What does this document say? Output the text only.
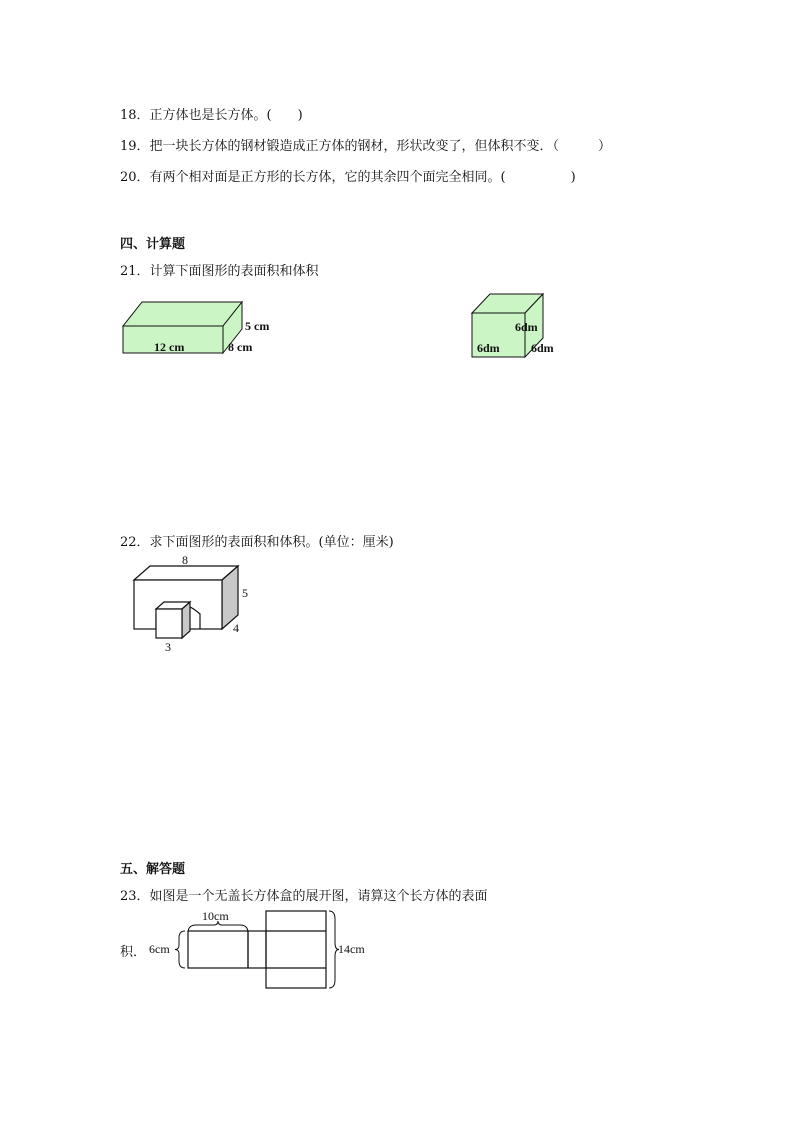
18．正方体也是长方体。(　　)
19．把一块长方体的钢材锻造成正方体的钢材，形状改变了，但体积不变．（　　　）
20．有两个相对面是正方形的长方体，它的其余四个面完全相同。(　　　　　)
四、计算题
21．计算下面图形的表面积和体积
12 cm	8 cm
5 cm	6dm
6dm	6dm
22．求下面图形的表面积和体积。(单位：厘米)
8
5
4
3
五、解答题
23．如图是一个无盖长方体盒的展开图，请算这个长方体的表面
积．
10cm
6cm	14cm
